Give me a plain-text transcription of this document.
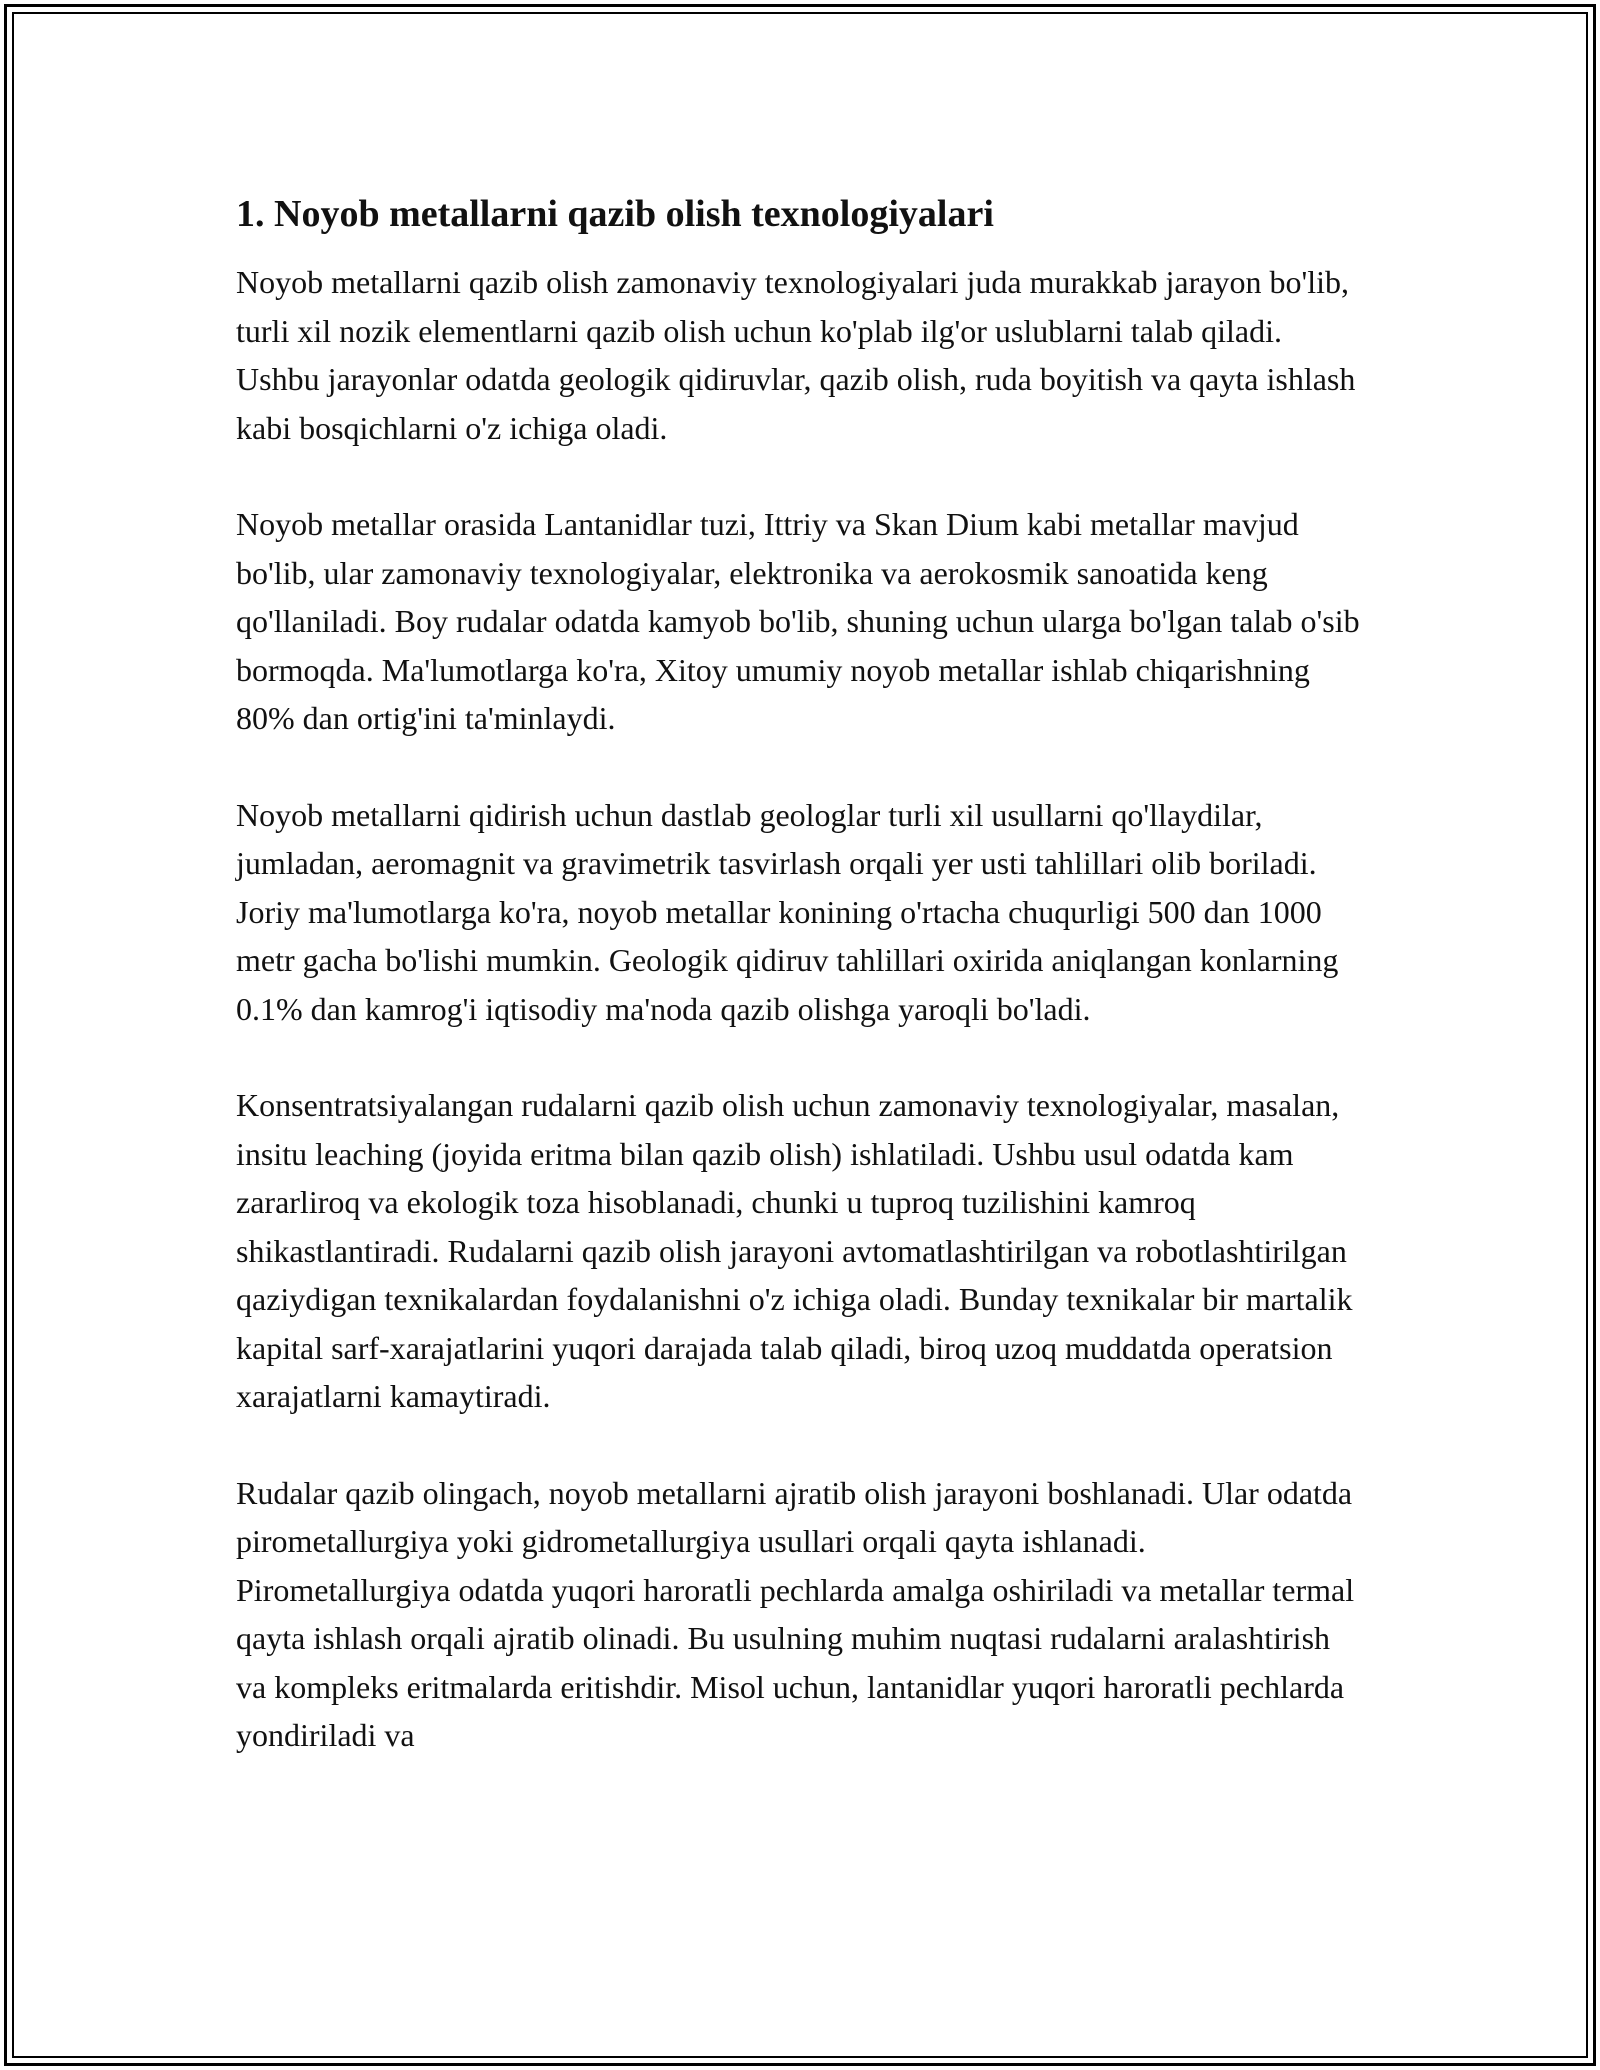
1. Noyob metallarni qazib olish texnologiyalari

Noyob metallarni qazib olish zamonaviy texnologiyalari juda murakkab jarayon bo'lib, turli xil nozik elementlarni qazib olish uchun ko'plab ilg'or uslublarni talab qiladi. Ushbu jarayonlar odatda geologik qidiruvlar, qazib olish, ruda boyitish va qayta ishlash kabi bosqichlarni o'z ichiga oladi.

Noyob metallar orasida Lantanidlar tuzi, Ittriy va Skan Dium kabi metallar mavjud bo'lib, ular zamonaviy texnologiyalar, elektronika va aerokosmik sanoatida keng qo'llaniladi. Boy rudalar odatda kamyob bo'lib, shuning uchun ularga bo'lgan talab o'sib bormoqda. Ma'lumotlarga ko'ra, Xitoy umumiy noyob metallar ishlab chiqarishning 80% dan ortig'ini ta'minlaydi.

Noyob metallarni qidirish uchun dastlab geologlar turli xil usullarni qo'llaydilar, jumladan, aeromagnit va gravimetrik tasvirlash orqali yer usti tahlillari olib boriladi. Joriy ma'lumotlarga ko'ra, noyob metallar konining o'rtacha chuqurligi 500 dan 1000 metr gacha bo'lishi mumkin. Geologik qidiruv tahlillari oxirida aniqlangan konlarning 0.1% dan kamrog'i iqtisodiy ma'noda qazib olishga yaroqli bo'ladi.

Konsentratsiyalangan rudalarni qazib olish uchun zamonaviy texnologiyalar, masalan, insitu leaching (joyida eritma bilan qazib olish) ishlatiladi. Ushbu usul odatda kam zararliroq va ekologik toza hisoblanadi, chunki u tuproq tuzilishini kamroq shikastlantiradi. Rudalarni qazib olish jarayoni avtomatlashtirilgan va robotlashtirilgan qaziydigan texnikalardan foydalanishni o'z ichiga oladi. Bunday texnikalar bir martalik kapital sarf-xarajatlarini yuqori darajada talab qiladi, biroq uzoq muddatda operatsion xarajatlarni kamaytiradi.

Rudalar qazib olingach, noyob metallarni ajratib olish jarayoni boshlanadi. Ular odatda pirometallurgiya yoki gidrometallurgiya usullari orqali qayta ishlanadi. Pirometallurgiya odatda yuqori haroratli pechlarda amalga oshiriladi va metallar termal qayta ishlash orqali ajratib olinadi. Bu usulning muhim nuqtasi rudalarni aralashtirish va kompleks eritmalarda eritishdir. Misol uchun, lantanidlar yuqori haroratli pechlarda yondiriladi va
